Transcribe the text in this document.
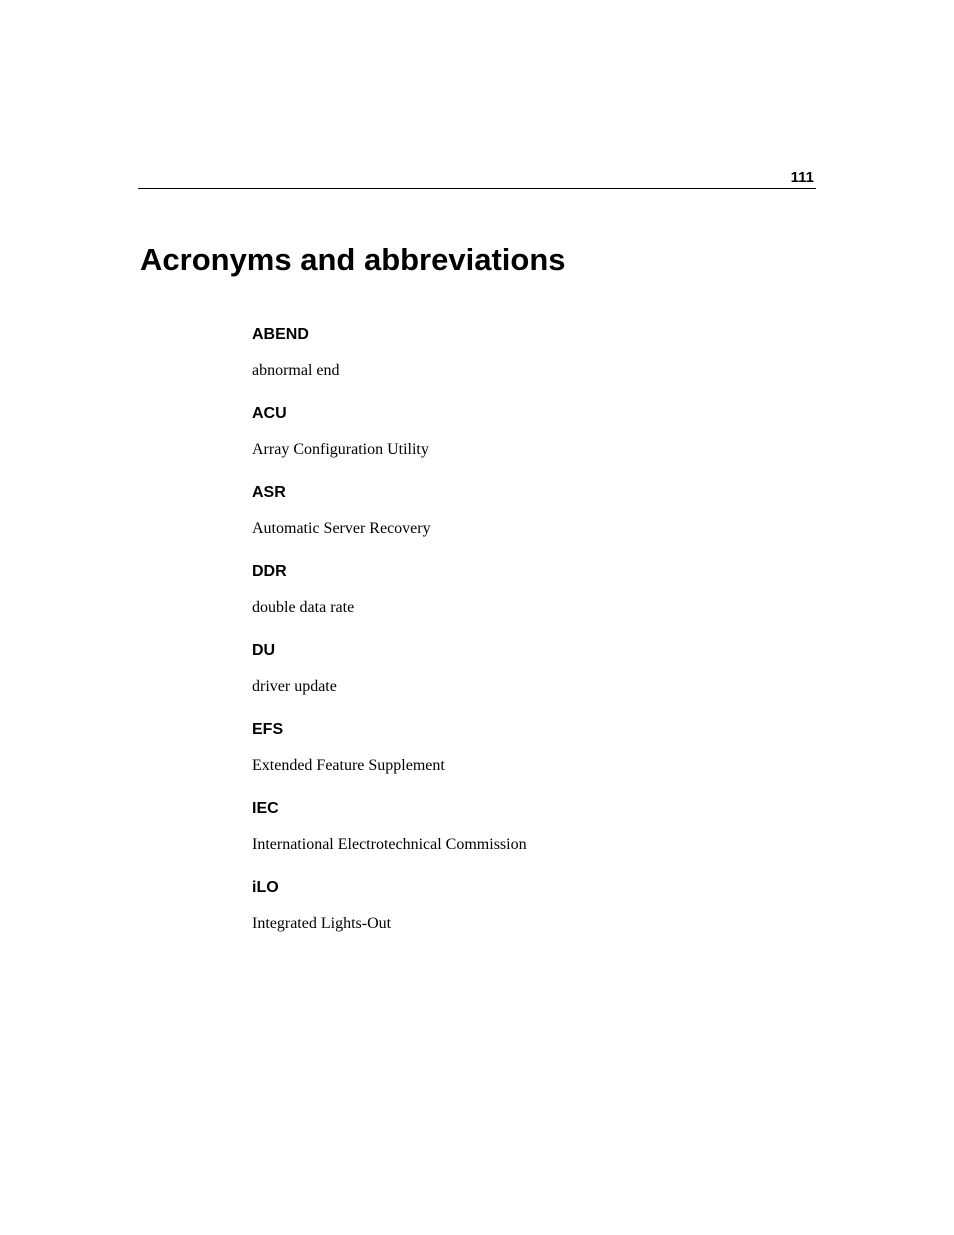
111
Acronyms and abbreviations
ABEND
abnormal end
ACU
Array Configuration Utility
ASR
Automatic Server Recovery
DDR
double data rate
DU
driver update
EFS
Extended Feature Supplement
IEC
International Electrotechnical Commission
iLO
Integrated Lights-Out
